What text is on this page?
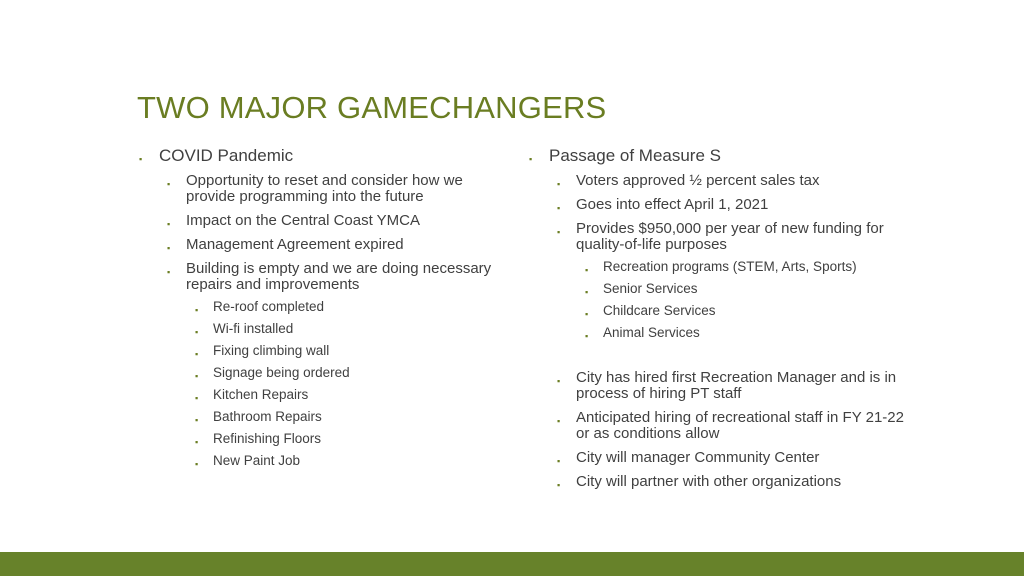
TWO MAJOR GAMECHANGERS
▪ COVID Pandemic
▪ Opportunity to reset and consider how we provide programming into the future
▪ Impact on the Central Coast YMCA
▪ Management Agreement expired
▪ Building is empty and we are doing necessary repairs and improvements
▪ Re-roof completed
▪ Wi-fi installed
▪ Fixing climbing wall
▪ Signage being ordered
▪ Kitchen Repairs
▪ Bathroom Repairs
▪ Refinishing Floors
▪ New Paint Job
▪ Passage of Measure S
▪ Voters approved ½ percent sales tax
▪ Goes into effect April 1, 2021
▪ Provides $950,000 per year of new funding for quality-of-life purposes
▪ Recreation programs (STEM, Arts, Sports)
▪ Senior Services
▪ Childcare Services
▪ Animal Services
▪ City has hired first Recreation Manager and is in process of hiring PT staff
▪ Anticipated hiring of recreational staff in FY 21-22 or as conditions allow
▪ City will manager Community Center
▪ City will partner with other organizations
